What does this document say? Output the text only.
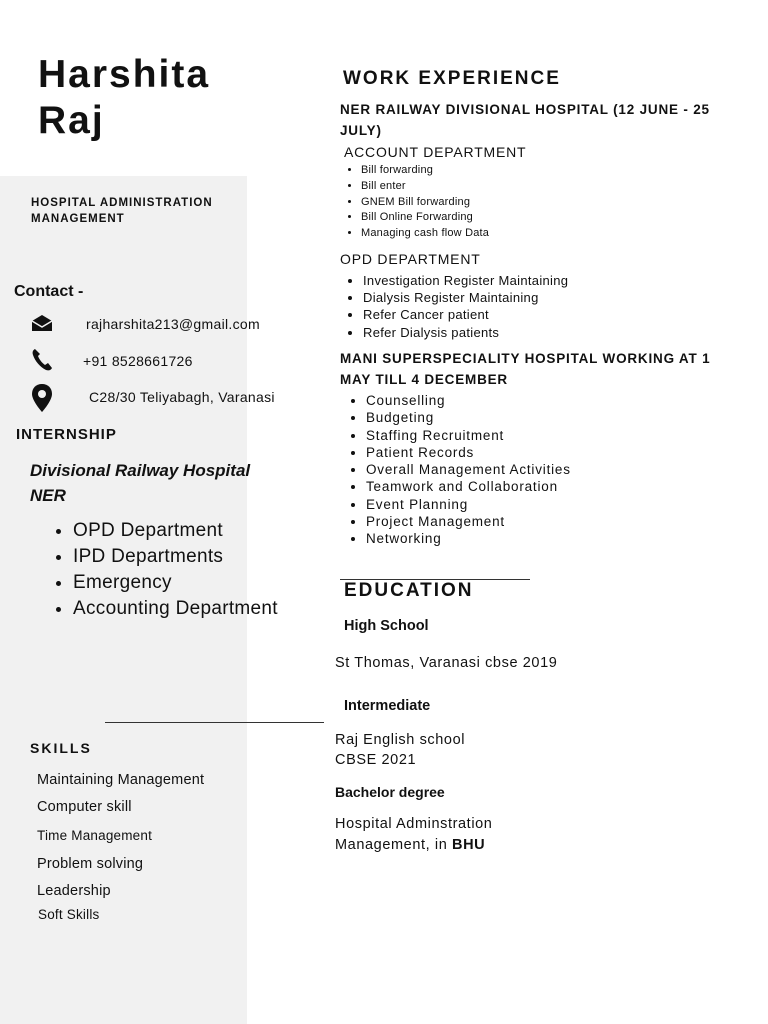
Harshita
Raj
HOSPITAL ADMINISTRATION MANAGEMENT
Contact -
rajharshita213@gmail.com
+91 8528661726
C28/30 Teliyabagh, Varanasi
INTERNSHIP
Divisional Railway Hospital NER
• OPD Department
• IPD Departments
• Emergency
• Accounting Department
SKILLS
Maintaining Management
Computer skill
Time Management
Problem solving
Leadership
Soft Skills
WORK EXPERIENCE
NER RAILWAY DIVISIONAL HOSPITAL (12 JUNE - 25 JULY)
ACCOUNT DEPARTMENT
• Bill forwarding
• Bill enter
• GNEM Bill forwarding
• Bill Online Forwarding
• Managing cash flow Data
OPD DEPARTMENT
• Investigation Register Maintaining
• Dialysis Register Maintaining
• Refer Cancer patient
• Refer Dialysis patients
MANI SUPERSPECIALITY HOSPITAL WORKING AT 1 MAY TILL 4 DECEMBER
• Counselling
• Budgeting
• Staffing Recruitment
• Patient Records
• Overall Management Activities
• Teamwork and Collaboration
• Event Planning
• Project Management
• Networking
EDUCATION
High School
St Thomas, Varanasi cbse 2019
Intermediate
Raj English school
CBSE 2021
Bachelor degree
Hospital Adminstration
Management, in BHU
